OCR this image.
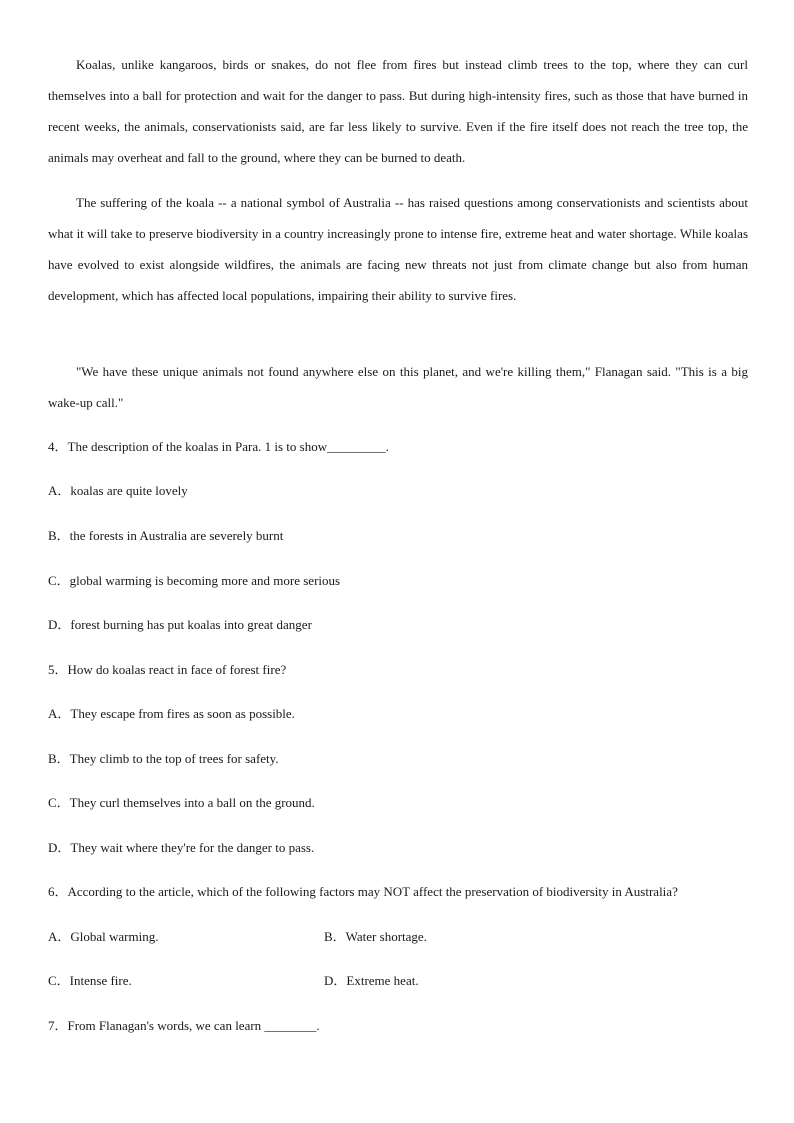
Koalas, unlike kangaroos, birds or snakes, do not flee from fires but instead climb trees to the top, where they can curl themselves into a ball for protection and wait for the danger to pass. But during high-intensity fires, such as those that have burned in recent weeks, the animals, conservationists said, are far less likely to survive. Even if the fire itself does not reach the tree top, the animals may overheat and fall to the ground, where they can be burned to death.

The suffering of the koala -- a national symbol of Australia -- has raised questions among conservationists and scientists about what it will take to preserve biodiversity in a country increasingly prone to intense fire, extreme heat and water shortage. While koalas have evolved to exist alongside wildfires, the animals are facing new threats not just from climate change but also from human development, which has affected local populations, impairing their ability to survive fires.

"We have these unique animals not found anywhere else on this planet, and we're killing them," Flanagan said. "This is a big wake-up call."

4．The description of the koalas in Para. 1 is to show_________.

A．koalas are quite lovely

B．the forests in Australia are severely burnt

C．global warming is becoming more and more serious

D．forest burning has put koalas into great danger

5．How do koalas react in face of forest fire?

A．They escape from fires as soon as possible.

B．They climb to the top of trees for safety.

C．They curl themselves into a ball on the ground.

D．They wait where they're for the danger to pass.

6．According to the article, which of the following factors may NOT affect the preservation of biodiversity in Australia?

A．Global warming.	B．Water shortage.

C．Intense fire.	D．Extreme heat.

7．From Flanagan's words, we can learn ________.
